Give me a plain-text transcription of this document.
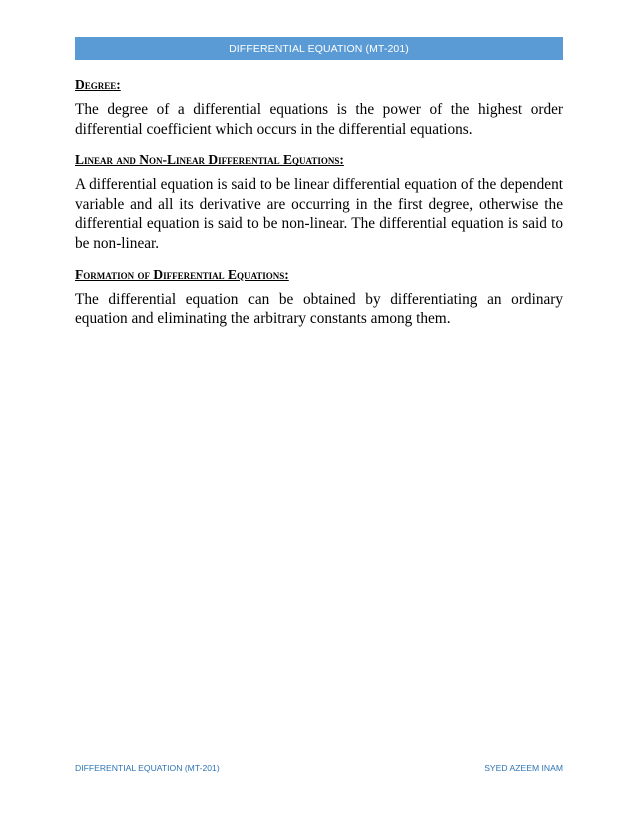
DIFFERENTIAL EQUATION (MT-201)
Degree:

The degree of a differential equations is the power of the highest order differential coefficient which occurs in the differential equations.

Linear and Non-Linear Differential Equations:

A differential equation is said to be linear differential equation of the dependent variable and all its derivative are occurring in the first degree, otherwise the differential equation is said to be non-linear. The differential equation is said to be non-linear.

Formation of Differential Equations:

The differential equation can be obtained by differentiating an ordinary equation and eliminating the arbitrary constants among them.

DIFFERENTIAL EQUATION (MT-201)	SYED AZEEM INAM
